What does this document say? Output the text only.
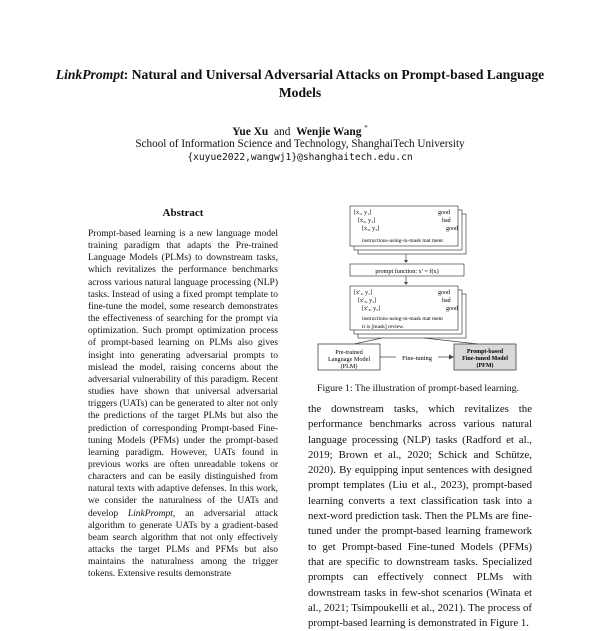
LinkPrompt: Natural and Universal Adversarial Attacks on Prompt-based Language Models
Yue Xu and Wenjie Wang *
School of Information Science and Technology, ShanghaiTech University
{xuyue2022,wangwj1}@shanghaitech.edu.cn
Abstract
Prompt-based learning is a new language model training paradigm that adapts the Pre-trained Language Models (PLMs) to downstream tasks, which revitalizes the performance benchmarks across various natural language processing (NLP) tasks. Instead of using a fixed prompt template to fine-tune the model, some research demonstrates the effectiveness of searching for the prompt via optimization. Such prompt optimization process of prompt-based learning on PLMs also gives insight into generating adversarial prompts to mislead the model, raising concerns about the adversarial vulnerability of this paradigm. Recent studies have shown that universal adversarial triggers (UATs) can be generated to alter not only the predictions of the target PLMs but also the prediction of corresponding Prompt-based Fine-tuning Models (PFMs) under the prompt-based learning paradigm. However, UATs found in previous works are often unreadable tokens or characters and can be easily distinguished from natural texts with adaptive defenses. In this work, we consider the naturalness of the UATs and develop LinkPrompt, an adversarial attack algorithm to generate UATs by a gradient-based beam search algorithm that not only effectively attacks the target PLMs and PFMs but also maintains the naturalness among the trigger tokens. Extensive results demonstrate
[x₁, y₁]
[x₂, y₂]
[x₃, y₃]
good
bad
good
instructions-using-in-mask mat ment
prompt function: x' = f(x)
[x'₁, y₁]
[x'₂, y₂]
[x'₃, y₃]
good
bad
good
instructions-using-in-mask mat ment
it is [mask] review.
Pre-trained
Language Model
(PLM)
Fine-tuning
Prompt-based
Fine-tuned Model
(PFM)
Figure 1: The illustration of prompt-based learning.
the downstream tasks, which revitalizes the performance benchmarks across various natural language processing (NLP) tasks (Radford et al., 2019; Brown et al., 2020; Schick and Schütze, 2020). By equipping input sentences with designed prompt templates (Liu et al., 2023), prompt-based learning converts a text classification task into a next-word prediction task. Then the PLMs are fine-tuned under the prompt-based learning framework to get Prompt-based Fine-tuned Models (PFMs) that are specific to downstream tasks. Specialized prompts can effectively connect PLMs with downstream tasks in few-shot scenarios (Winata et al., 2021; Tsimpoukelli et al., 2021). The process of prompt-based learning is demonstrated in Figure 1.
